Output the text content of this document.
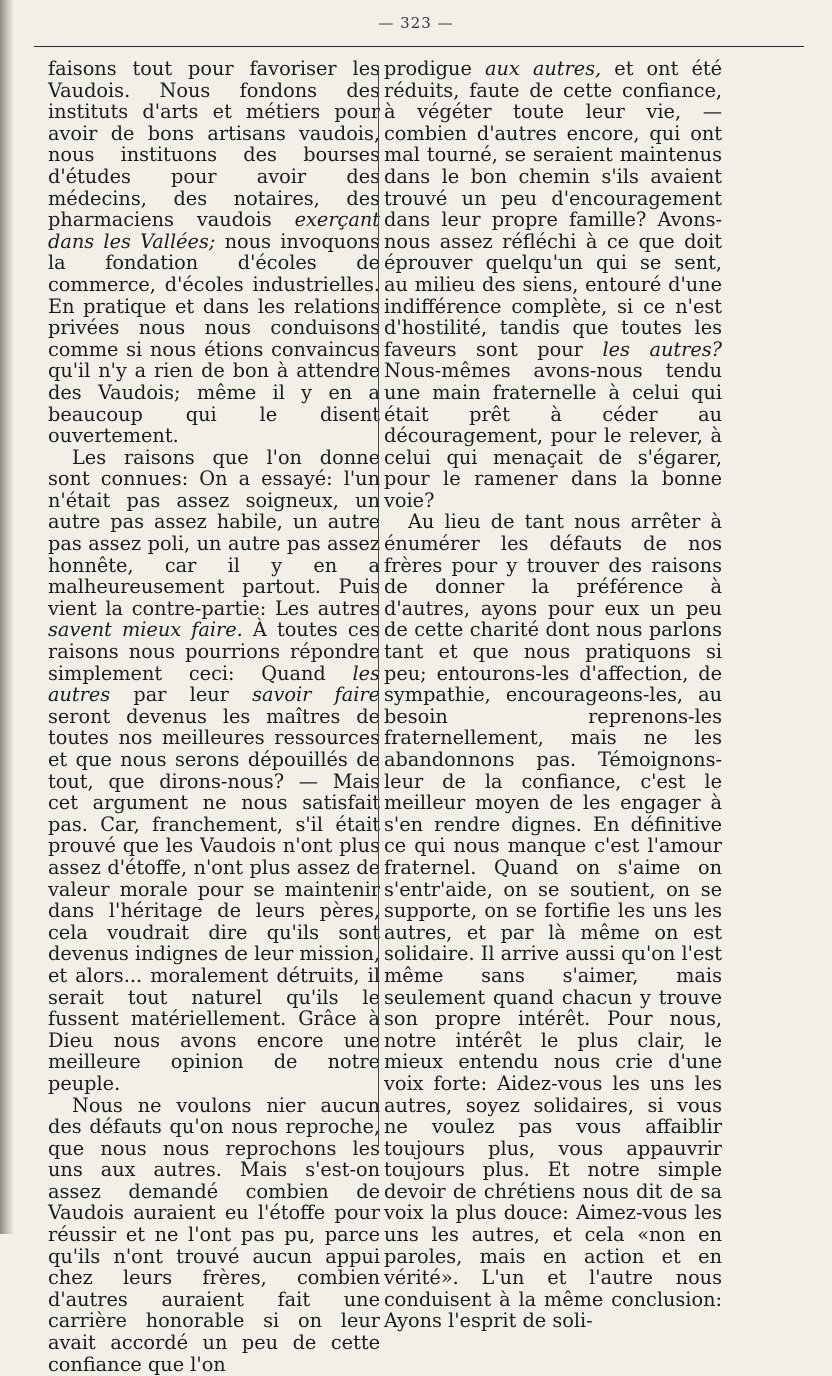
— 323 —

faisons tout pour favoriser les Vaudois. Nous fondons des instituts d'arts et métiers pour avoir de bons artisans vaudois, nous instituons des bourses d'études pour avoir des médecins, des notaires, des pharmaciens vaudois exerçant dans les Vallées; nous invoquons la fondation d'écoles de commerce, d'écoles industrielles. En pratique et dans les relations privées nous nous conduisons comme si nous étions convaincus qu'il n'y a rien de bon à attendre des Vaudois; même il y en a beaucoup qui le disent ouvertement.

Les raisons que l'on donne sont connues: On a essayé: l'un n'était pas assez soigneux, un autre pas assez habile, un autre pas assez poli, un autre pas assez honnête, car il y en a malheureusement partout. Puis vient la contre-partie: Les autres savent mieux faire. À toutes ces raisons nous pourrions répondre simplement ceci: Quand les autres par leur savoir faire seront devenus les maîtres de toutes nos meilleures ressources et que nous serons dépouillés de tout, que dirons-nous? — Mais cet argument ne nous satisfait pas. Car, franchement, s'il était prouvé que les Vaudois n'ont plus assez d'étoffe, n'ont plus assez de valeur morale pour se maintenir dans l'héritage de leurs pères, cela voudrait dire qu'ils sont devenus indignes de leur mission, et alors... moralement détruits, il serait tout naturel qu'ils le fussent matériellement. Grâce à Dieu nous avons encore une meilleure opinion de notre peuple.

Nous ne voulons nier aucun des défauts qu'on nous reproche, que nous nous reprochons les uns aux autres. Mais s'est-on assez demandé combien de Vaudois auraient eu l'étoffe pour réussir et ne l'ont pas pu, parce qu'ils n'ont trouvé aucun appui chez leurs frères, combien d'autres auraient fait une carrière honorable si on leur avait accordé un peu de cette confiance que l'on

prodigue aux autres, et ont été réduits, faute de cette confiance, à végéter toute leur vie, — combien d'autres encore, qui ont mal tourné, se seraient maintenus dans le bon chemin s'ils avaient trouvé un peu d'encouragement dans leur propre famille? Avons-nous assez réfléchi à ce que doit éprouver quelqu'un qui se sent, au milieu des siens, entouré d'une indifférence complète, si ce n'est d'hostilité, tandis que toutes les faveurs sont pour les autres? Nous-mêmes avons-nous tendu une main fraternelle à celui qui était prêt à céder au découragement, pour le relever, à celui qui menaçait de s'égarer, pour le ramener dans la bonne voie?

Au lieu de tant nous arrêter à énumérer les défauts de nos frères pour y trouver des raisons de donner la préférence à d'autres, ayons pour eux un peu de cette charité dont nous parlons tant et que nous pratiquons si peu; entourons-les d'affection, de sympathie, encourageons-les, au besoin reprenons-les fraternellement, mais ne les abandonnons pas. Témoignons-leur de la confiance, c'est le meilleur moyen de les engager à s'en rendre dignes. En définitive ce qui nous manque c'est l'amour fraternel. Quand on s'aime on s'entr'aide, on se soutient, on se supporte, on se fortifie les uns les autres, et par là même on est solidaire. Il arrive aussi qu'on l'est même sans s'aimer, mais seulement quand chacun y trouve son propre intérêt. Pour nous, notre intérêt le plus clair, le mieux entendu nous crie d'une voix forte: Aidez-vous les uns les autres, soyez solidaires, si vous ne voulez pas vous affaiblir toujours plus, vous appauvrir toujours plus. Et notre simple devoir de chrétiens nous dit de sa voix la plus douce: Aimez-vous les uns les autres, et cela «non en paroles, mais en action et en vérité». L'un et l'autre nous conduisent à la même conclusion: Ayons l'esprit de soli-
